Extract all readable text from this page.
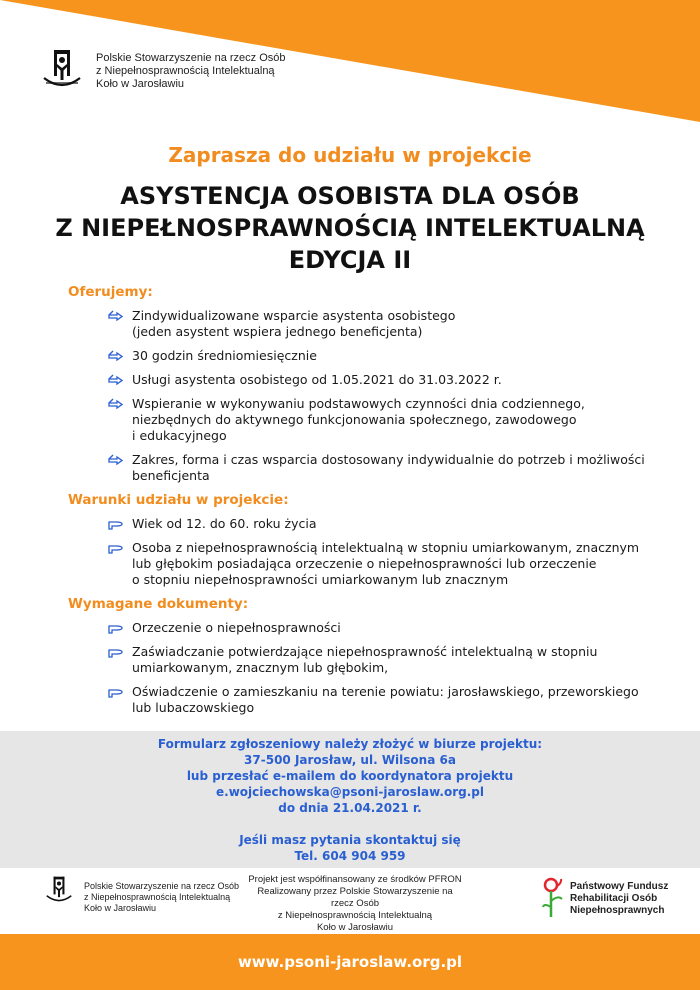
Polskie Stowarzyszenie na rzecz Osób
z Niepełnosprawnością Intelektualną
Koło w Jarosławiu
Zaprasza do udziału w projekcie
ASYSTENCJA OSOBISTA DLA OSÓB
Z NIEPEŁNOSPRAWNOŚCIĄ INTELEKTUALNĄ
EDYCJA II
Oferujemy:
Zindywidualizowane wsparcie asystenta osobistego
(jeden asystent wspiera jednego beneficjenta)
30 godzin średniomiesięcznie
Usługi asystenta osobistego od 1.05.2021 do 31.03.2022 r.
Wspieranie w wykonywaniu podstawowych czynności dnia codziennego,
niezbędnych do aktywnego funkcjonowania społecznego, zawodowego
i edukacyjnego
Zakres, forma i czas wsparcia dostosowany indywidualnie do potrzeb i możliwości
beneficjenta
Warunki udziału w projekcie:
Wiek od 12. do 60. roku życia
Osoba z niepełnosprawnością intelektualną w stopniu umiarkowanym, znacznym
lub głębokim posiadająca orzeczenie o niepełnosprawności lub orzeczenie
o stopniu niepełnosprawności umiarkowanym lub znacznym
Wymagane dokumenty:
Orzeczenie o niepełnosprawności
Zaświadczanie potwierdzające niepełnosprawność intelektualną w stopniu
umiarkowanym, znacznym lub głębokim,
Oświadczenie o zamieszkaniu na terenie powiatu: jarosławskiego, przeworskiego
lub lubaczowskiego
Formularz zgłoszeniowy należy złożyć w biurze projektu:
37-500 Jarosław, ul. Wilsona 6a
lub przesłać e-mailem do koordynatora projektu
e.wojciechowska@psoni-jaroslaw.org.pl
do dnia 21.04.2021 r.
Jeśli masz pytania skontaktuj się
Tel. 604 904 959
Polskie Stowarzyszenie na rzecz Osób
z Niepełnosprawnością Intelektualną
Koło w Jarosławiu
Projekt jest współfinansowany ze środków PFRON
Realizowany przez Polskie Stowarzyszenie na rzecz Osób
z Niepełnosprawnością Intelektualną
Koło w Jarosławiu
Państwowy Fundusz
Rehabilitacji Osób
Niepełnosprawnych
www.psoni-jaroslaw.org.pl
